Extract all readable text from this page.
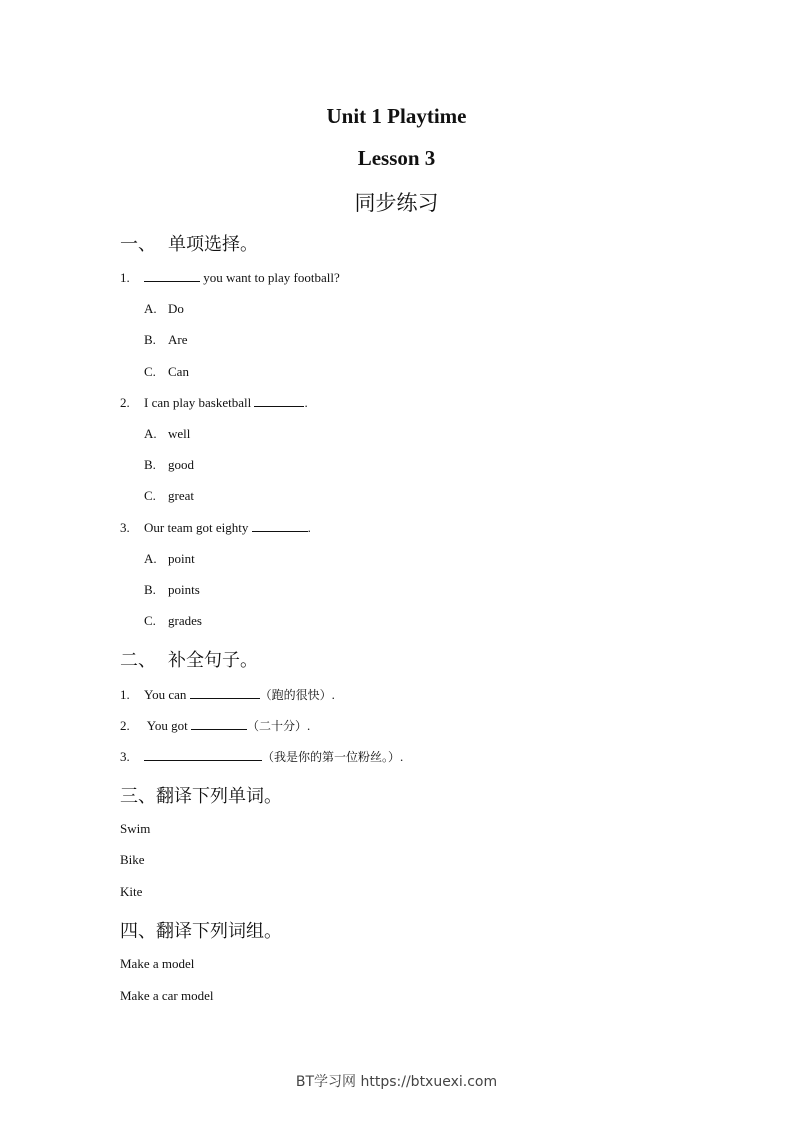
Unit 1 Playtime
Lesson 3
同步练习
一、 单项选择。
1.	you want to play football?
A. Do
B. Are
C. Can
2. I can play basketball	.
A. well
B. good
C. great
3. Our team got eighty	.
A. point
B. points
C. grades
二、 补全句子。
1. You can	（跑的很快）.
2. You got	（二十分）.
3.	（我是你的第一位粉丝。）.
三、翻译下列单词。
Swim
Bike
Kite
四、翻译下列词组。
Make a model
Make a car model
BT学习网 https://btxuexi.com
